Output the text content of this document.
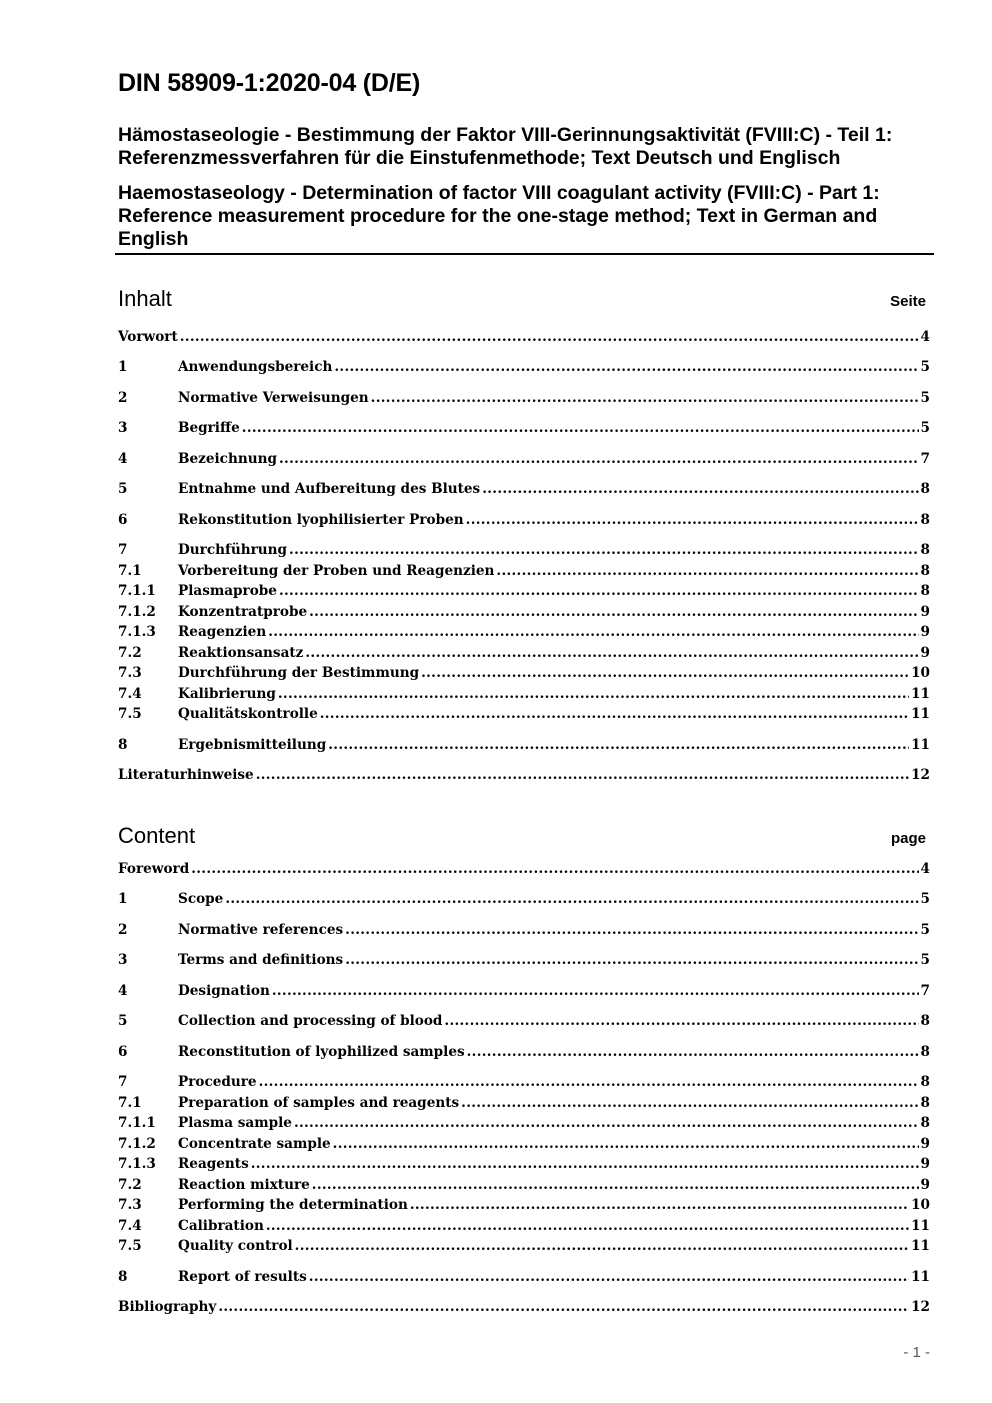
DIN 58909-1:2020-04 (D/E)
Hämostaseologie - Bestimmung der Faktor VIII-Gerinnungsaktivität (FVIII:C) - Teil 1: Referenzmessverfahren für die Einstufenmethode; Text Deutsch und Englisch
Haemostaseology - Determination of factor VIII coagulant activity (FVIII:C) - Part 1: Reference measurement procedure for the one-stage method; Text in German and English
Inhalt	Seite
Vorwort .....	4
1	Anwendungsbereich .....	5
2	Normative Verweisungen .....	5
3	Begriffe .....	5
4	Bezeichnung .....	7
5	Entnahme und Aufbereitung des Blutes .....	8
6	Rekonstitution lyophilisierter Proben .....	8
7	Durchführung .....	8
7.1	Vorbereitung der Proben und Reagenzien .....	8
7.1.1	Plasmaprobe .....	8
7.1.2	Konzentratprobe .....	9
7.1.3	Reagenzien .....	9
7.2	Reaktionsansatz .....	9
7.3	Durchführung der Bestimmung .....	10
7.4	Kalibrierung .....	11
7.5	Qualitätskontrolle .....	11
8	Ergebnismitteilung .....	11
Literaturhinweise .....	12
Content	page
Foreword .....	4
1	Scope .....	5
2	Normative references .....	5
3	Terms and definitions .....	5
4	Designation .....	7
5	Collection and processing of blood .....	8
6	Reconstitution of lyophilized samples .....	8
7	Procedure .....	8
7.1	Preparation of samples and reagents .....	8
7.1.1	Plasma sample .....	8
7.1.2	Concentrate sample .....	9
7.1.3	Reagents .....	9
7.2	Reaction mixture .....	9
7.3	Performing the determination .....	10
7.4	Calibration .....	11
7.5	Quality control .....	11
8	Report of results .....	11
Bibliography .....	12
- 1 -
